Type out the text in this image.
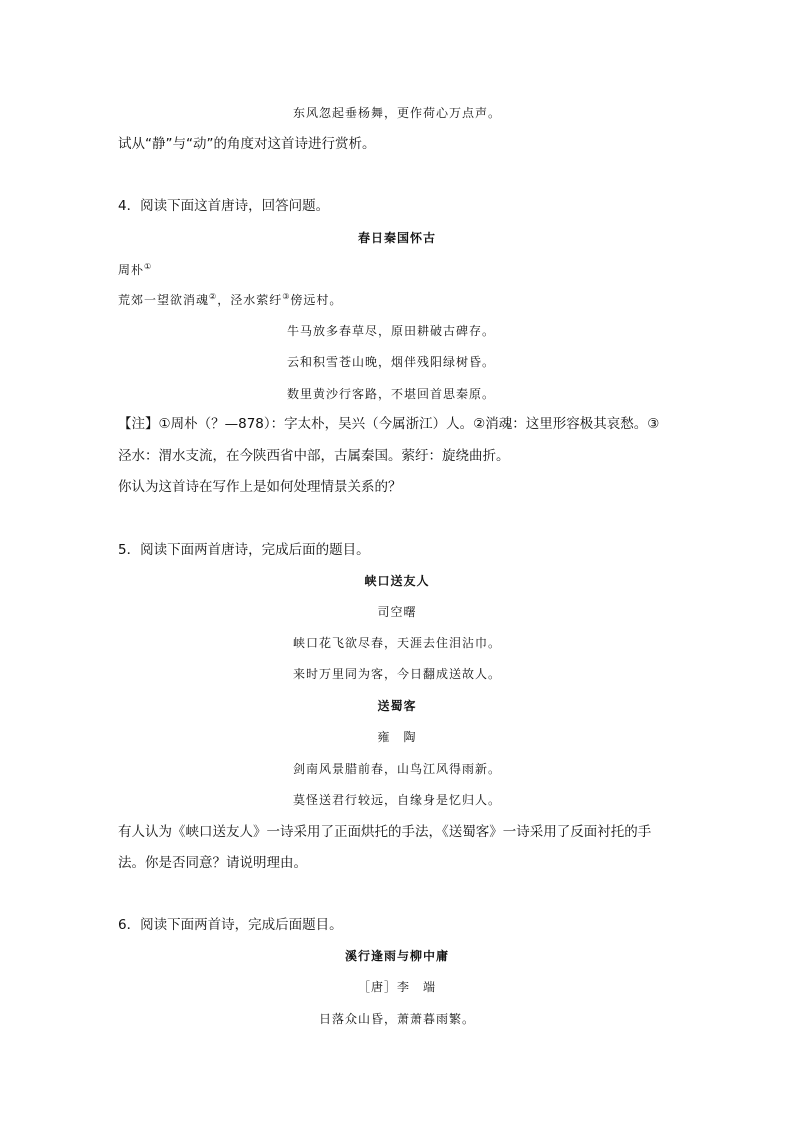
东风忽起垂杨舞，更作荷心万点声。
试从“静”与“动”的角度对这首诗进行赏析。
4．阅读下面这首唐诗，回答问题。
春日秦国怀古
周朴①
荒郊一望欲消魂②，泾水萦纡③傍远村。
牛马放多春草尽，原田耕破古碑存。
云和积雪苍山晚，烟伴残阳绿树昏。
数里黄沙行客路，不堪回首思秦原。
【注】①周朴（？—878）：字太朴，吴兴（今属浙江）人。②消魂：这里形容极其哀愁。③
泾水：渭水支流，在今陕西省中部，古属秦国。萦纡：旋绕曲折。
你认为这首诗在写作上是如何处理情景关系的？
5．阅读下面两首唐诗，完成后面的题目。
峡口送友人
司空曙
峡口花飞欲尽春，天涯去住泪沾巾。
来时万里同为客，今日翻成送故人。
送蜀客
雍　陶
剑南风景腊前春，山鸟江风得雨新。
莫怪送君行较远，自缘身是忆归人。
有人认为《峡口送友人》一诗采用了正面烘托的手法，《送蜀客》一诗采用了反面衬托的手
法。你是否同意？请说明理由。
6．阅读下面两首诗，完成后面题目。
溪行逢雨与柳中庸
［唐］李　端
日落众山昏，萧萧暮雨繁。
